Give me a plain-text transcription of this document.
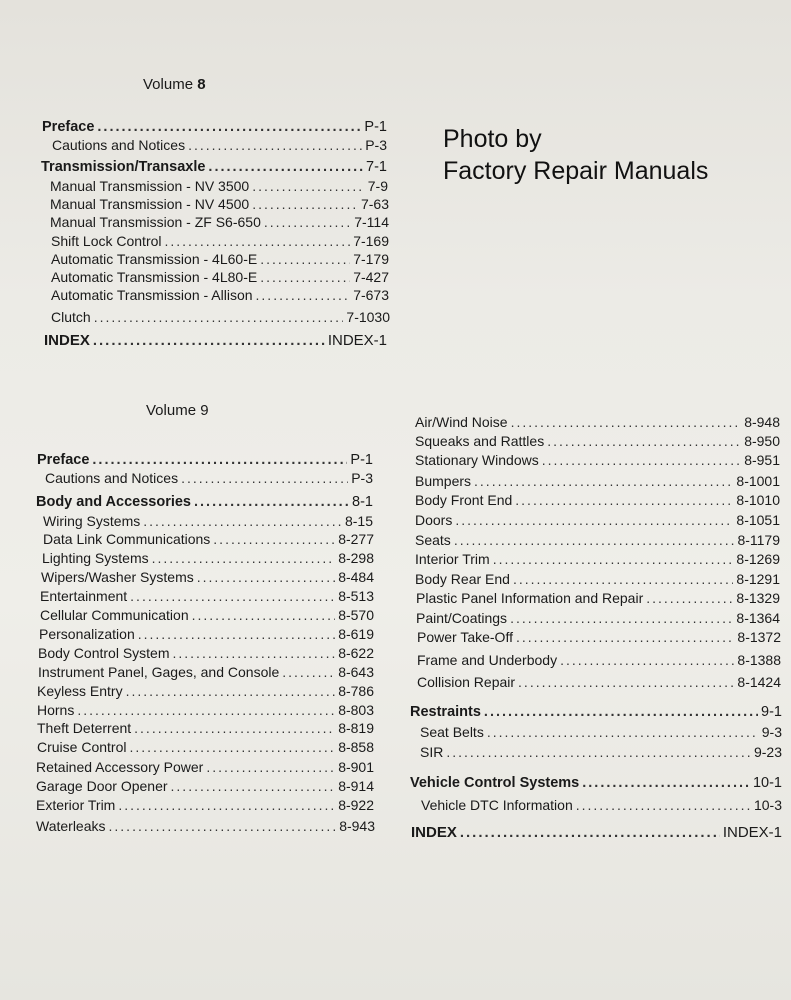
Photo by
Factory Repair Manuals
Volume 8
Preface .....	P-1
Cautions and Notices .....	P-3
Transmission/Transaxle .....	7-1
Manual Transmission - NV 3500 .....	7-9
Manual Transmission - NV 4500 .....	7-63
Manual Transmission - ZF S6-650 .....	7-114
Shift Lock Control .....	7-169
Automatic Transmission - 4L60-E .....	7-179
Automatic Transmission - 4L80-E .....	7-427
Automatic Transmission - Allison .....	7-673
Clutch .....	7-1030
INDEX .....	INDEX-1
Volume 9
Preface .....	P-1
Cautions and Notices .....	P-3
Body and Accessories .....	8-1
Wiring Systems .....	8-15
Data Link Communications .....	8-277
Lighting Systems .....	8-298
Wipers/Washer Systems .....	8-484
Entertainment .....	8-513
Cellular Communication .....	8-570
Personalization .....	8-619
Body Control System .....	8-622
Instrument Panel, Gages, and Console .....	8-643
Keyless Entry .....	8-786
Horns .....	8-803
Theft Deterrent .....	8-819
Cruise Control .....	8-858
Retained Accessory Power .....	8-901
Garage Door Opener .....	8-914
Exterior Trim .....	8-922
Waterleaks .....	8-943
Air/Wind Noise .....	8-948
Squeaks and Rattles .....	8-950
Stationary Windows .....	8-951
Bumpers .....	8-1001
Body Front End .....	8-1010
Doors .....	8-1051
Seats .....	8-1179
Interior Trim .....	8-1269
Body Rear End .....	8-1291
Plastic Panel Information and Repair .....	8-1329
Paint/Coatings .....	8-1364
Power Take-Off .....	8-1372
Frame and Underbody .....	8-1388
Collision Repair .....	8-1424
Restraints .....	9-1
Seat Belts .....	9-3
SIR .....	9-23
Vehicle Control Systems .....	10-1
Vehicle DTC Information .....	10-3
INDEX .....	INDEX-1
